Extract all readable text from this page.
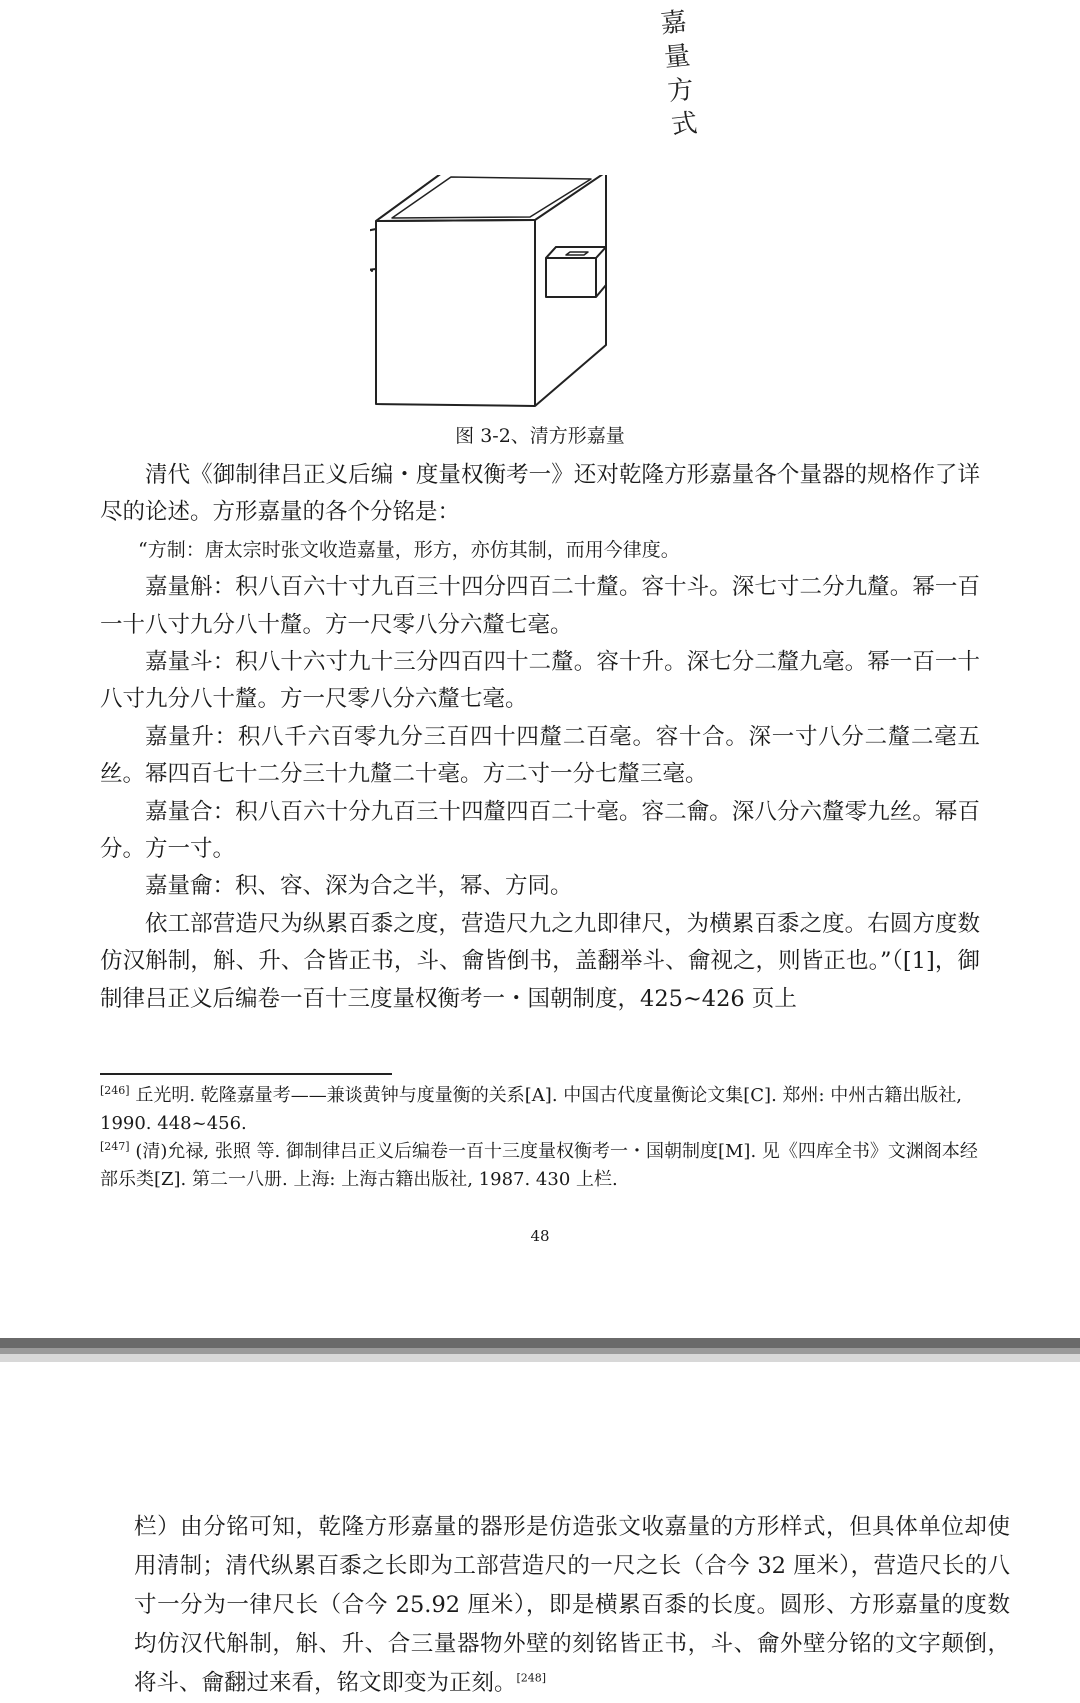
嘉量方式
图 3-2、清方形嘉量

清代《御制律吕正义后编・度量权衡考一》还对乾隆方形嘉量各个量器的规格作了详尽的论述。方形嘉量的各个分铭是：

“方制：唐太宗时张文收造嘉量，形方，亦仿其制，而用今律度。

嘉量斛：积八百六十寸九百三十四分四百二十釐。容十斗。深七寸二分九釐。幂一百一十八寸九分八十釐。方一尺零八分六釐七毫。

嘉量斗：积八十六寸九十三分四百四十二釐。容十升。深七分二釐九毫。幂一百一十八寸九分八十釐。方一尺零八分六釐七毫。

嘉量升：积八千六百零九分三百四十四釐二百毫。容十合。深一寸八分二釐二毫五丝。幂四百七十二分三十九釐二十毫。方二寸一分七釐三毫。

嘉量合：积八百六十分九百三十四釐四百二十毫。容二龠。深八分六釐零九丝。幂百分。方一寸。

嘉量龠：积、容、深为合之半，幂、方同。

依工部营造尺为纵累百黍之度，营造尺九之九即律尺，为横累百黍之度。右圆方度数仿汉斛制，斛、升、合皆正书，斗、龠皆倒书，盖翻举斗、龠视之，则皆正也。”（[1]，御制律吕正义后编卷一百十三度量权衡考一・国朝制度，425~426 页上

[246] 丘光明. 乾隆嘉量考——兼谈黄钟与度量衡的关系[A]. 中国古代度量衡论文集[C]. 郑州: 中州古籍出版社, 1990. 448~456.

[247] (清)允禄, 张照 等. 御制律吕正义后编卷一百十三度量权衡考一・国朝制度[M]. 见《四库全书》文渊阁本经部乐类[Z]. 第二一八册. 上海: 上海古籍出版社, 1987. 430 上栏.

48

栏）由分铭可知，乾隆方形嘉量的器形是仿造张文收嘉量的方形样式，但具体单位却使用清制；清代纵累百黍之长即为工部营造尺的一尺之长（合今 32 厘米），营造尺长的八寸一分为一律尺长（合今 25.92 厘米），即是横累百黍的长度。圆形、方形嘉量的度数均仿汉代斛制，斛、升、合三量器物外壁的刻铭皆正书，斗、龠外壁分铭的文字颠倒，将斗、龠翻过来看，铭文即变为正刻。[248]
